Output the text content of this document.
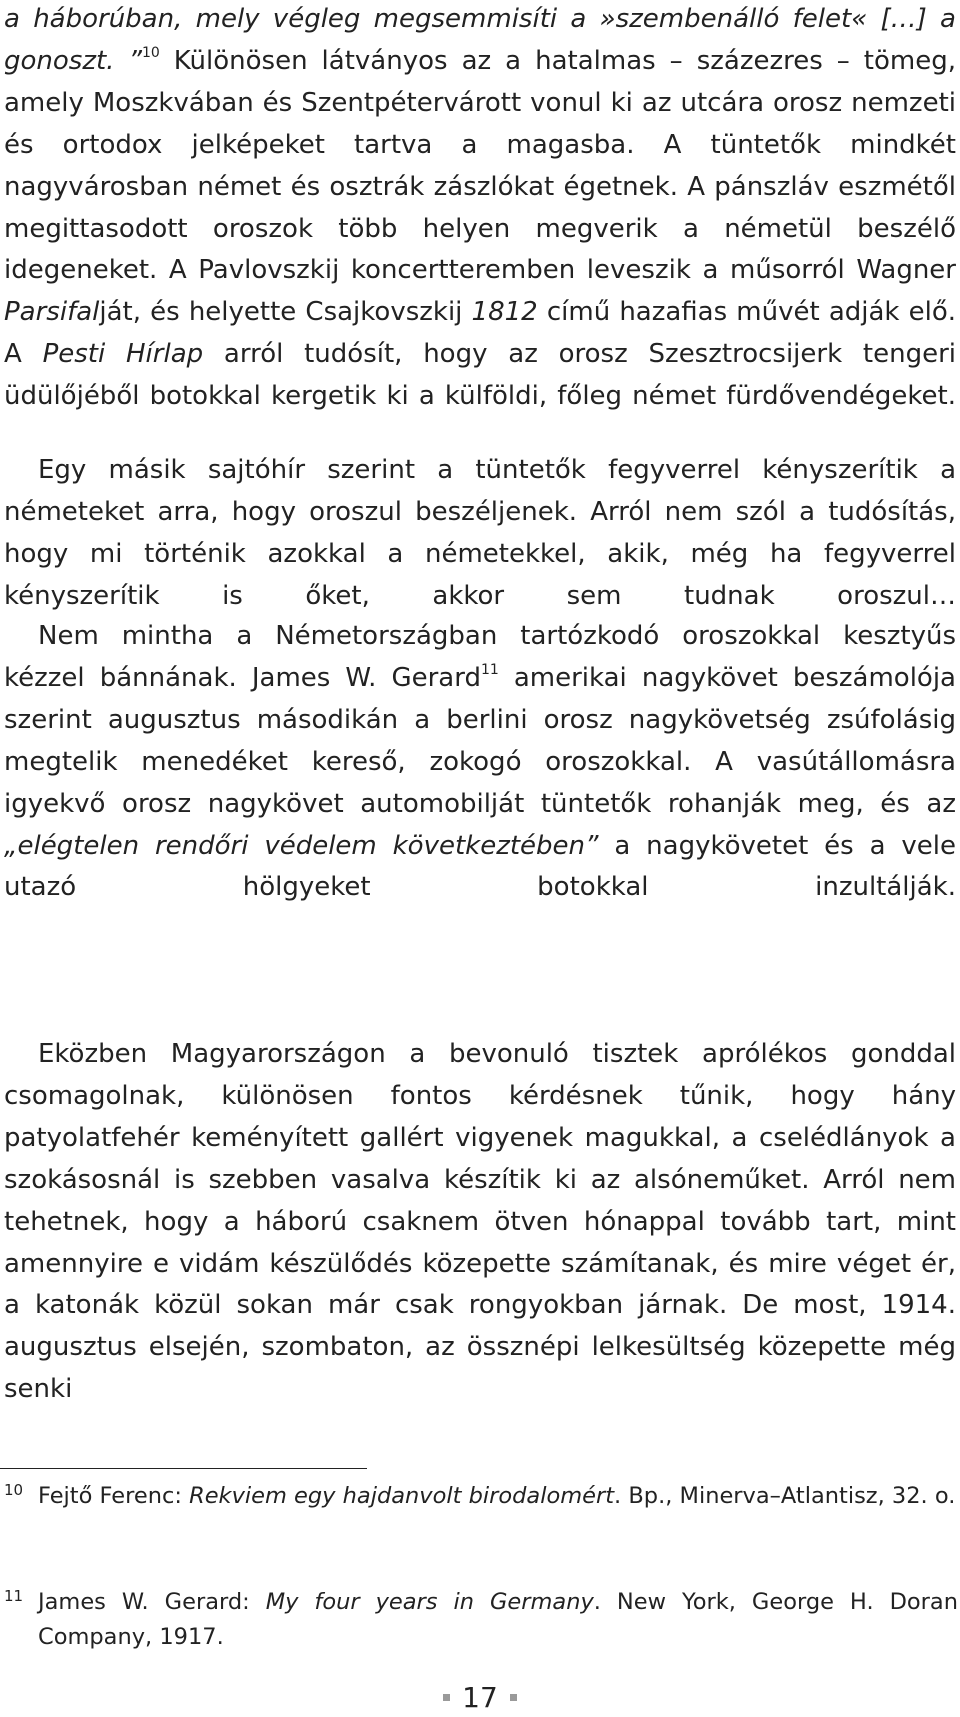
a háborúban, mely végleg megsemmisíti a »szembenálló felet« […] a gonoszt. ”$^{10}$ Különösen látványos az a hatalmas – százezres – tömeg, amely Moszkvában és Szentpétervárott vonul ki az utcára orosz nemzeti és ortodox jelképeket tartva a magasba. A tüntetők mindkét nagyvárosban német és osztrák zászlókat égetnek. A pánszláv eszmétől megittasodott oroszok több helyen megverik a németül beszélő idegeneket. A Pavlovszkij koncertteremben leveszik a műsorról Wagner Parsifalját, és helyette Csajkovszkij 1812 című hazafias művét adják elő. A Pesti Hírlap arról tudósít, hogy az orosz Szesztrocsijerk tengeri üdülőjéből botokkal kergetik ki a külföldi, főleg német fürdővendégeket.

Egy másik sajtóhír szerint a tüntetők fegyverrel kényszerítik a németeket arra, hogy oroszul beszéljenek. Arról nem szól a tudósítás, hogy mi történik azokkal a németekkel, akik, még ha fegyverrel kényszerítik is őket, akkor sem tudnak oroszul…

Nem mintha a Németországban tartózkodó oroszokkal kesztyűs kézzel bánnának. James W. Gerard$^{11}$ amerikai nagykövet beszámolója szerint augusztus másodikán a berlini orosz nagykövetség zsúfolásig megtelik menedéket kereső, zokogó oroszokkal. A vasútállomásra igyekvő orosz nagykövet automobilját tüntetők rohanják meg, és az „elégtelen rendőri védelem következtében” a nagykövetet és a vele utazó hölgyeket botokkal inzultálják.

Eközben Magyarországon a bevonuló tisztek aprólékos gonddal csomagolnak, különösen fontos kérdésnek tűnik, hogy hány patyolatfehér keményített gallért vigyenek magukkal, a cselédlányok a szokásosnál is szebben vasalva készítik ki az alsóneműket. Arról nem tehetnek, hogy a háború csaknem ötven hónappal tovább tart, mint amennyire e vidám készülődés közepette számítanak, és mire véget ér, a katonák közül sokan már csak rongyokban járnak. De most, 1914. augusztus elsején, szombaton, az össznépi lelkesültség közepette még senki

10 Fejtő Ferenc: Rekviem egy hajdanvolt birodalomért. Bp., Minerva–Atlantisz, 32. o.

11 James W. Gerard: My four years in Germany. New York, George H. Doran Company, 1917.

17
